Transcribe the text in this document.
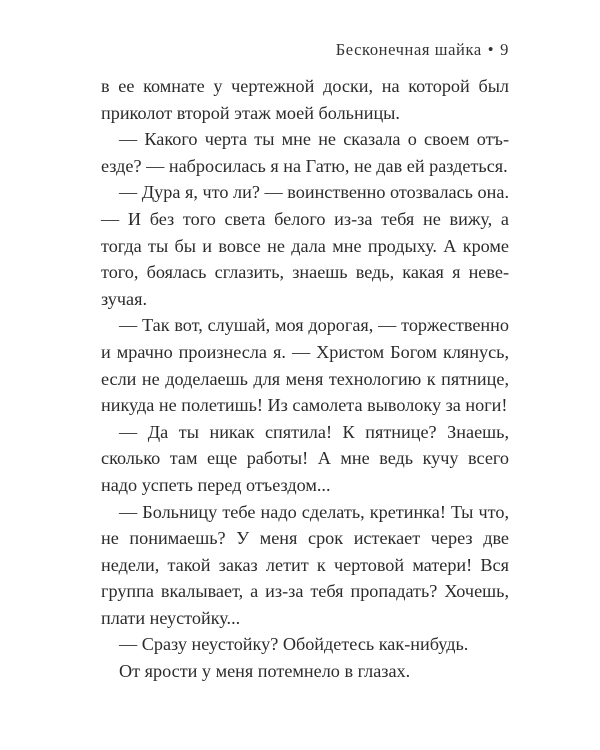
Бесконечная шайка • 9

в ее комнате у чертежной доски, на которой был приколот второй этаж моей больницы.

— Какого черта ты мне не сказала о своем отъезде? — набросилась я на Гатю, не дав ей раздеться.

— Дура я, что ли? — воинственно отозвалась она. — И без того света белого из-за тебя не вижу, а тогда ты бы и вовсе не дала мне продыху. А кроме того, боялась сглазить, знаешь ведь, какая я невезучая.

— Так вот, слушай, моя дорогая, — торжественно и мрачно произнесла я. — Христом Богом клянусь, если не доделаешь для меня технологию к пятнице, никуда не полетишь! Из самолета выволоку за ноги!

— Да ты никак спятила! К пятнице? Знаешь, сколько там еще работы! А мне ведь кучу всего надо успеть перед отъездом...

— Больницу тебе надо сделать, кретинка! Ты что, не понимаешь? У меня срок истекает через две недели, такой заказ летит к чертовой матери! Вся группа вкалывает, а из-за тебя пропадать? Хочешь, плати неустойку...

— Сразу неустойку? Обойдетесь как-нибудь.

От ярости у меня потемнело в глазах.
